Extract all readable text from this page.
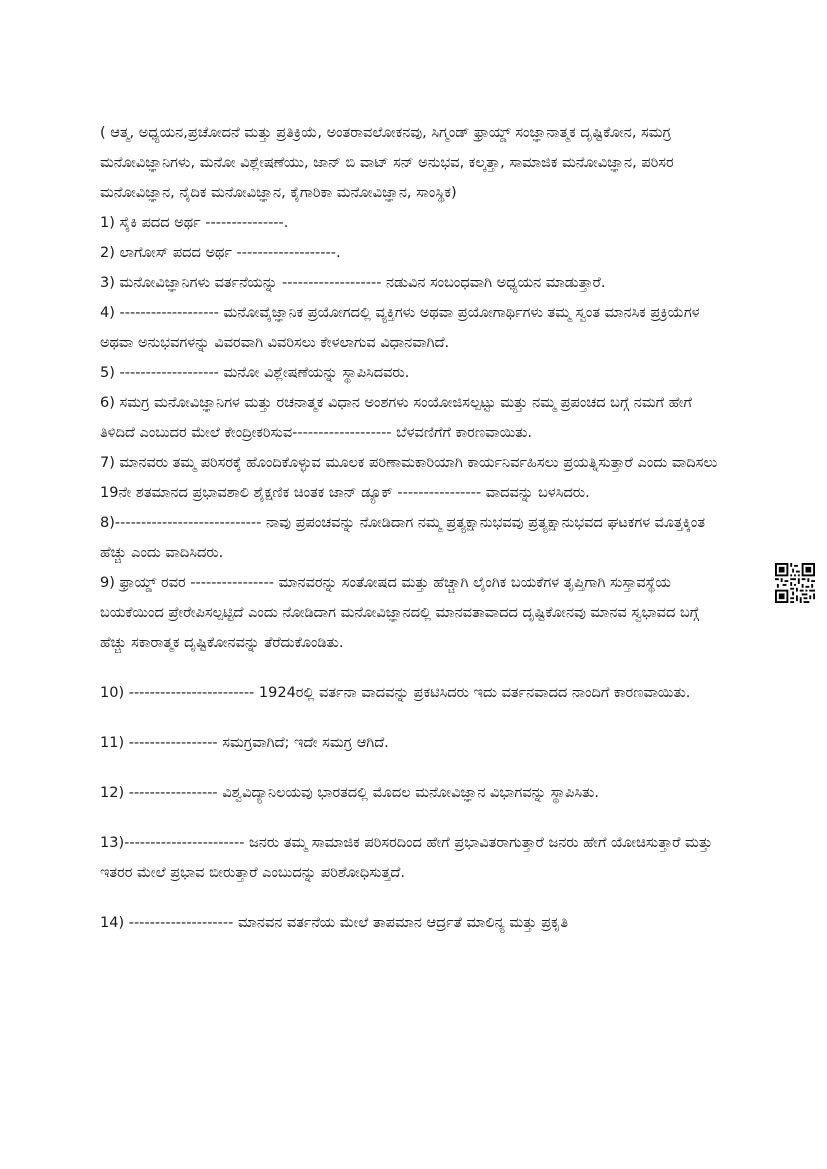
( ಆತ್ಮ, ಅಧ್ಯಯನ,ಪ್ರಚೋದನೆ ಮತ್ತು ಪ್ರತಿಕ್ರಿಯೆ, ಅಂತರಾವಲೋಕನವು, ಸಿಗ್ಮಂಡ್ ಫ್ರಾಯ್ಡ್ ಸಂಜ್ಞಾನಾತ್ಮಕ ದೃಷ್ಟಿಕೋನ, ಸಮಗ್ರ ಮನೋವಿಜ್ಞಾನಿಗಳು, ಮನೋ ವಿಶ್ಲೇಷಣೆಯು, ಜಾನ್ ಬಿ ವಾಟ್ ಸನ್ ಅನುಭವ, ಕಲ್ಕತ್ತಾ, ಸಾಮಾಜಿಕ ಮನೋವಿಜ್ಞಾನ, ಪರಿಸರ ಮನೋವಿಜ್ಞಾನ, ನೈದಿಕ ಮನೋವಿಜ್ಞಾನ, ಕೈಗಾರಿಕಾ ಮನೋವಿಜ್ಞಾನ, ಸಾಂಸ್ಥಿಕ)

1) ಸೈಕಿ ಪದದ ಅರ್ಥ ---------------.

2) ಲಾಗೋಸ್ ಪದದ ಅರ್ಥ -------------------.

3) ಮನೋವಿಜ್ಞಾನಿಗಳು ವರ್ತನೆಯನ್ನು ------------------- ನಡುವಿನ ಸಂಬಂಧವಾಗಿ ಅಧ್ಯಯನ ಮಾಡುತ್ತಾರೆ.

4) ------------------- ಮನೋವೈಜ್ಞಾನಿಕ ಪ್ರಯೋಗದಲ್ಲಿ ವ್ಯಕ್ತಿಗಳು ಅಥವಾ ಪ್ರಯೋಗಾರ್ಥಿಗಳು ತಮ್ಮ ಸ್ವಂತ ಮಾನಸಿಕ ಪ್ರಕ್ರಿಯೆಗಳ ಅಥವಾ ಅನುಭವಗಳನ್ನು ವಿವರವಾಗಿ ವಿವರಿಸಲು ಕೇಳಲಾಗುವ ವಿಧಾನವಾಗಿದೆ.

5) ------------------- ಮನೋ ವಿಶ್ಲೇಷಣೆಯನ್ನು ಸ್ಥಾಪಿಸಿದವರು.

6) ಸಮಗ್ರ ಮನೋವಿಜ್ಞಾನಿಗಳ ಮತ್ತು ರಚನಾತ್ಮಕ ವಿಧಾನ ಅಂಶಗಳು ಸಂಯೋಜಿಸಲ್ಪಟ್ಟು ಮತ್ತು ನಮ್ಮ ಪ್ರಪಂಚದ ಬಗ್ಗೆ ನಮಗೆ ಹೇಗೆ ತಿಳಿದಿದೆ ಎಂಬುದರ ಮೇಲೆ ಕೇಂದ್ರೀಕರಿಸುವ------------------- ಬೆಳವಣಿಗೆಗೆ ಕಾರಣವಾಯಿತು.

7) ಮಾನವರು ತಮ್ಮ ಪರಿಸರಕ್ಕೆ ಹೊಂದಿಕೊಳ್ಳುವ ಮೂಲಕ ಪರಿಣಾಮಕಾರಿಯಾಗಿ ಕಾರ್ಯನಿರ್ವಹಿಸಲು ಪ್ರಯತ್ನಿಸುತ್ತಾರೆ ಎಂದು ವಾದಿಸಲು 19ನೇ ಶತಮಾನದ ಪ್ರಭಾವಶಾಲಿ ಶೈಕ್ಷಣಿಕ ಚಿಂತಕ ಜಾನ್ ಡ್ಯೂಕ್ ---------------- ವಾದವನ್ನು ಬಳಸಿದರು.

8)---------------------------- ನಾವು ಪ್ರಪಂಚವನ್ನು ನೋಡಿದಾಗ ನಮ್ಮ ಪ್ರತ್ಯಕ್ಷಾನುಭವವು ಪ್ರತ್ಯಕ್ಷಾನುಭವದ ಘಟಕಗಳ ಮೊತ್ತಕ್ಕಿಂತ ಹೆಚ್ಚು ಎಂದು ವಾದಿಸಿದರು.

9) ಫ್ರಾಯ್ಡ್ ರವರ ---------------- ಮಾನವರನ್ನು ಸಂತೋಷದ ಮತ್ತು ಹೆಚ್ಚಾಗಿ ಲೈಂಗಿಕ ಬಯಕೆಗಳ ತೃಪ್ತಿಗಾಗಿ ಸುಸ್ತಾವಸ್ಥೆಯ ಬಯಕೆಯಿಂದ ಪ್ರೇರೇಪಿಸಲ್ಪಟ್ಟಿದೆ ಎಂದು ನೋಡಿದಾಗ ಮನೋವಿಜ್ಞಾನದಲ್ಲಿ ಮಾನವತಾವಾದದ ದೃಷ್ಟಿಕೋನವು ಮಾನವ ಸ್ವಭಾವದ ಬಗ್ಗೆ ಹೆಚ್ಚು ಸಕಾರಾತ್ಮಕ ದೃಷ್ಟಿಕೋನವನ್ನು ತೆರೆದುಕೊಂಡಿತು.

10) ------------------------ 1924ರಲ್ಲಿ ವರ್ತನಾ ವಾದವನ್ನು ಪ್ರಕಟಿಸಿದರು ಇದು ವರ್ತನವಾದದ ನಾಂದಿಗೆ ಕಾರಣವಾಯಿತು.

11) ----------------- ಸಮಗ್ರವಾಗಿದೆ; ಇದೇ ಸಮಗ್ರ ಆಗಿದೆ.

12) ----------------- ವಿಶ್ವವಿದ್ಯಾನಿಲಯವು ಭಾರತದಲ್ಲಿ ಮೊದಲ ಮನೋವಿಜ್ಞಾನ ವಿಭಾಗವನ್ನು ಸ್ಥಾಪಿಸಿತು.

13)----------------------- ಜನರು ತಮ್ಮ ಸಾಮಾಜಿಕ ಪರಿಸರದಿಂದ ಹೇಗೆ ಪ್ರಭಾವಿತರಾಗುತ್ತಾರೆ ಜನರು ಹೇಗೆ ಯೋಚಿಸುತ್ತಾರೆ ಮತ್ತು ಇತರರ ಮೇಲೆ ಪ್ರಭಾವ ಬೀರುತ್ತಾರೆ ಎಂಬುದನ್ನು ಪರಿಶೋಧಿಸುತ್ತದೆ.

14) -------------------- ಮಾನವನ ವರ್ತನೆಯ ಮೇಲೆ ತಾಪಮಾನ ಆರ್ದ್ರತೆ ಮಾಲಿನ್ಯ ಮತ್ತು ಪ್ರಕೃತಿ
